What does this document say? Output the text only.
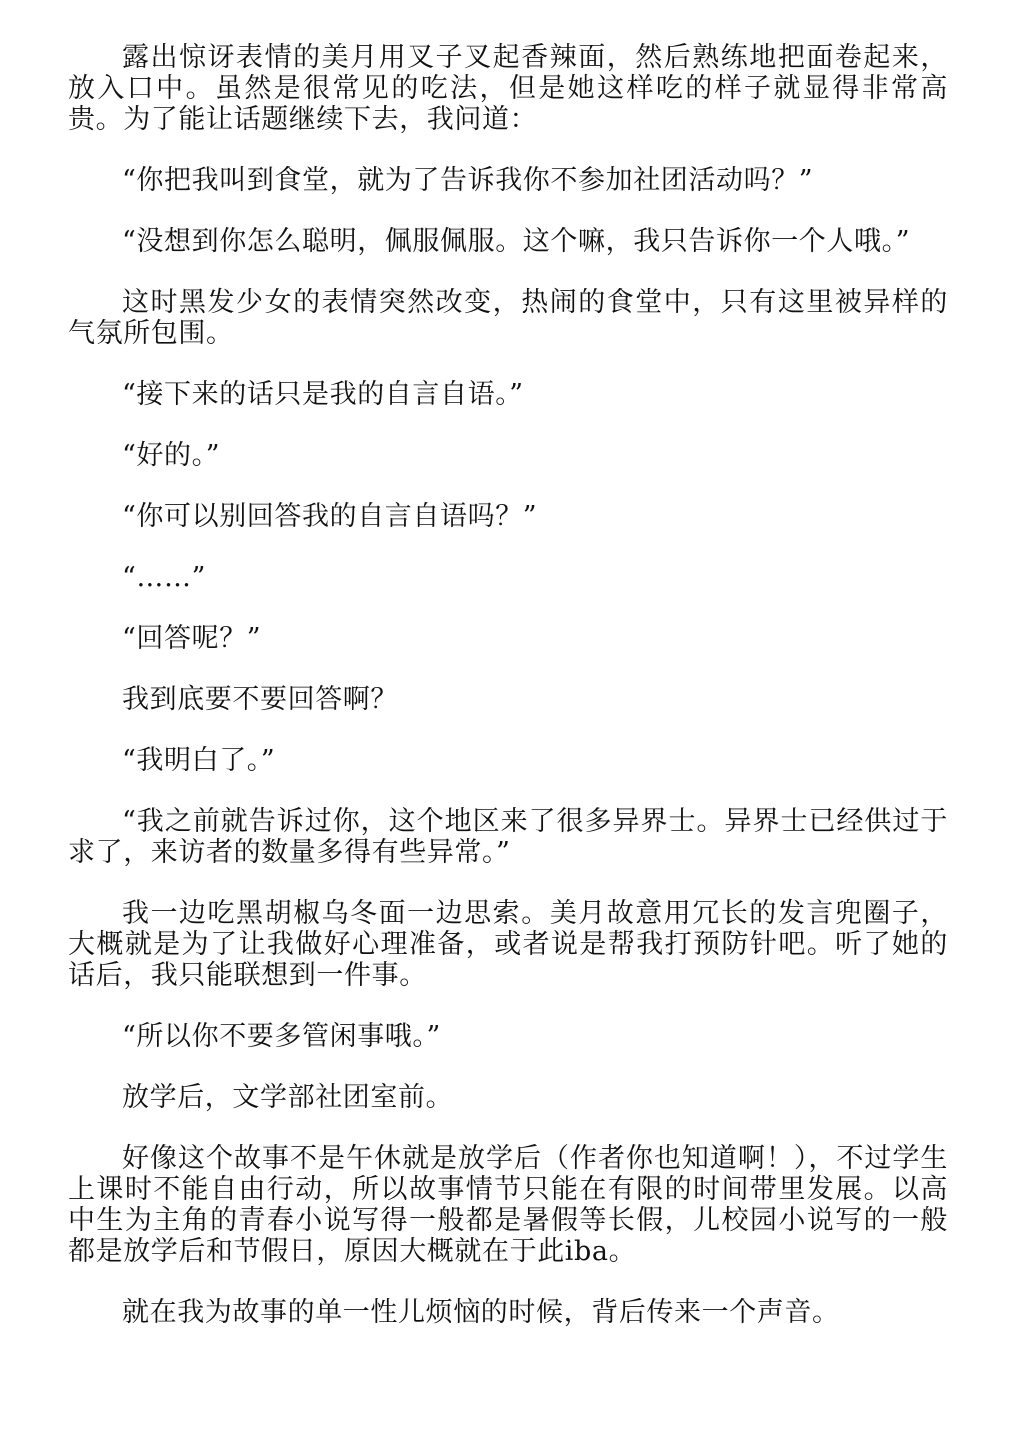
露出惊讶表情的美月用叉子叉起香辣面，然后熟练地把面卷起来，放入口中。虽然是很常见的吃法，但是她这样吃的样子就显得非常高贵。为了能让话题继续下去，我问道：

“你把我叫到食堂，就为了告诉我你不参加社团活动吗？”

“没想到你怎么聪明，佩服佩服。这个嘛，我只告诉你一个人哦。”

这时黑发少女的表情突然改变，热闹的食堂中，只有这里被异样的气氛所包围。

“接下来的话只是我的自言自语。”

“好的。”

“你可以别回答我的自言自语吗？”

“……”

“回答呢？”

我到底要不要回答啊？

“我明白了。”

“我之前就告诉过你，这个地区来了很多异界士。异界士已经供过于求了，来访者的数量多得有些异常。”

我一边吃黑胡椒乌冬面一边思索。美月故意用冗长的发言兜圈子，大概就是为了让我做好心理准备，或者说是帮我打预防针吧。听了她的话后，我只能联想到一件事。

“所以你不要多管闲事哦。”

放学后，文学部社团室前。

好像这个故事不是午休就是放学后（作者你也知道啊！），不过学生上课时不能自由行动，所以故事情节只能在有限的时间带里发展。以高中生为主角的青春小说写得一般都是暑假等长假，儿校园小说写的一般都是放学后和节假日，原因大概就在于此iba。

就在我为故事的单一性儿烦恼的时候，背后传来一个声音。
